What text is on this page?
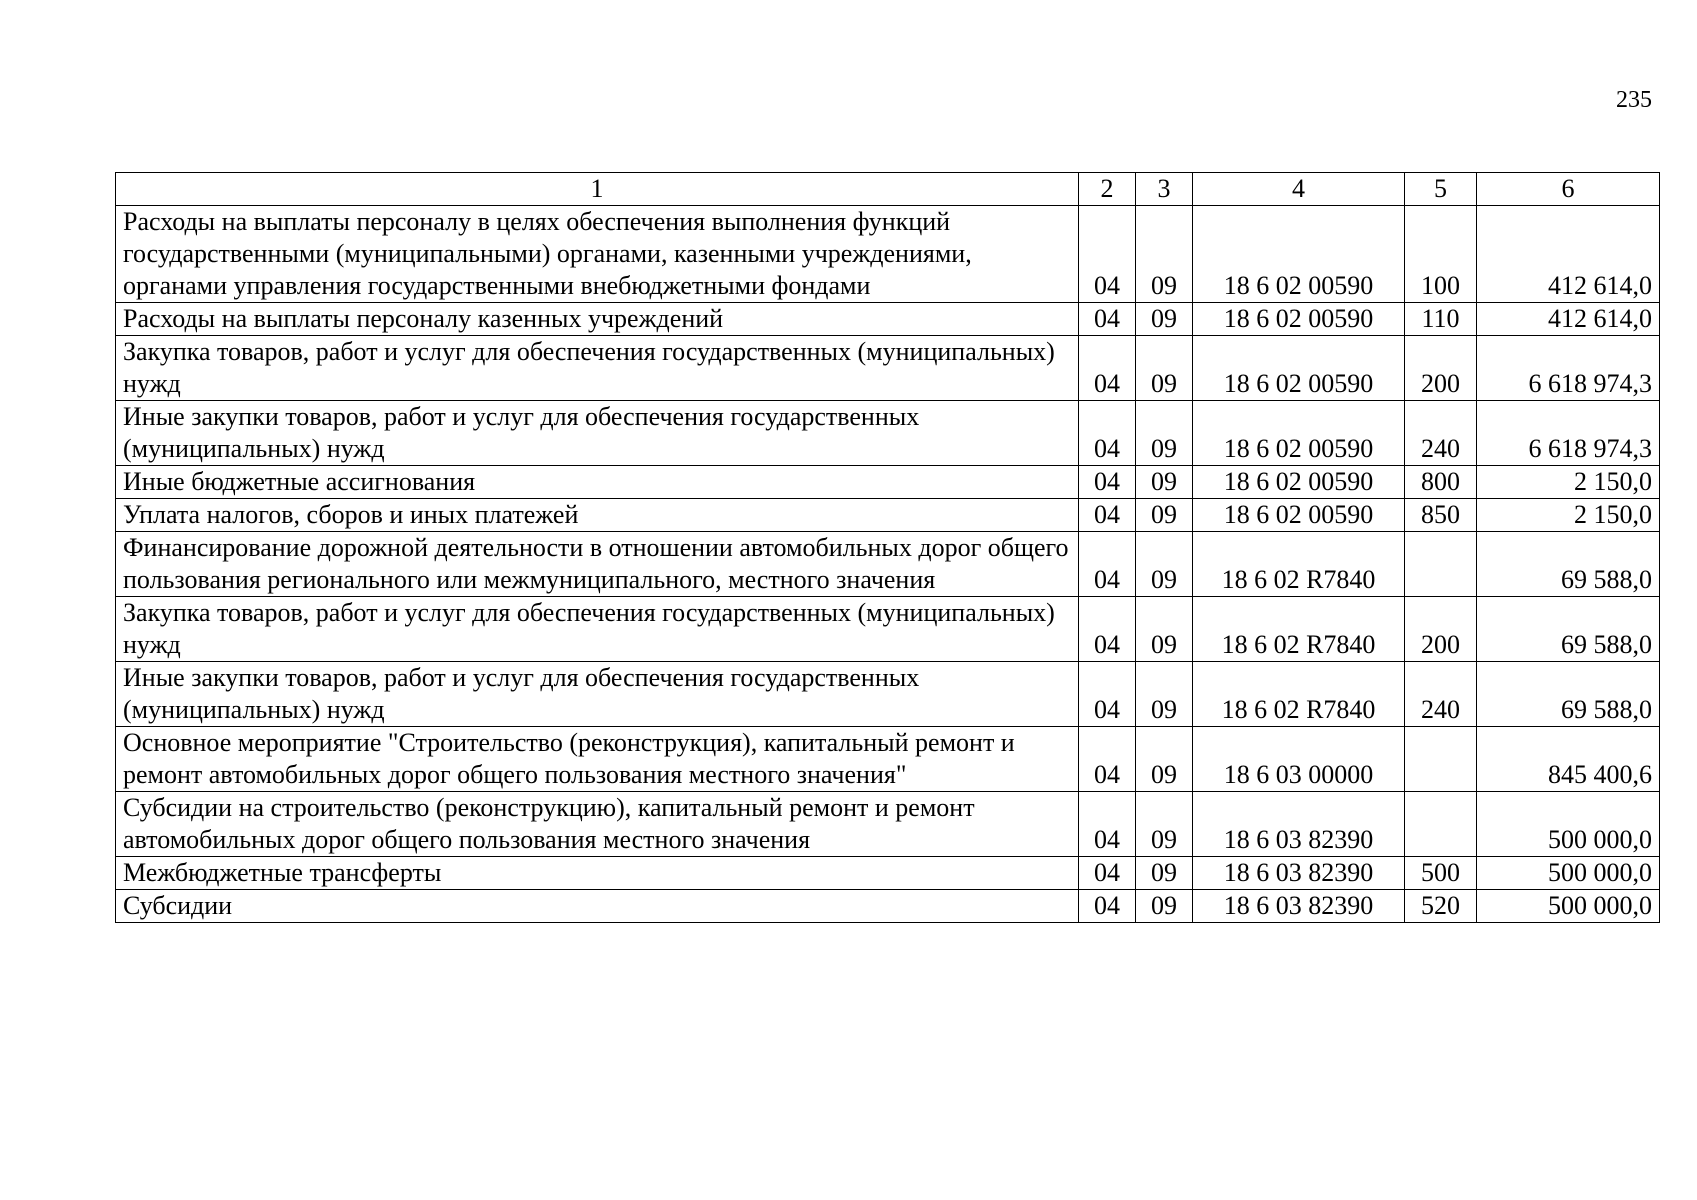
235
1	2	3	4	5	6
Расходы на выплаты персоналу в целях обеспечения выполнения функций государственными (муниципальными) органами, казенными учреждениями, органами управления государственными внебюджетными фондами	04	09	18 6 02 00590	100	412 614,0
Расходы на выплаты персоналу казенных учреждений	04	09	18 6 02 00590	110	412 614,0
Закупка товаров, работ и услуг для обеспечения государственных (муниципальных) нужд	04	09	18 6 02 00590	200	6 618 974,3
Иные закупки товаров, работ и услуг для обеспечения государственных (муниципальных) нужд	04	09	18 6 02 00590	240	6 618 974,3
Иные бюджетные ассигнования	04	09	18 6 02 00590	800	2 150,0
Уплата налогов, сборов и иных платежей	04	09	18 6 02 00590	850	2 150,0
Финансирование дорожной деятельности в отношении автомобильных дорог общего пользования регионального или межмуниципального, местного значения	04	09	18 6 02 R7840		69 588,0
Закупка товаров, работ и услуг для обеспечения государственных (муниципальных) нужд	04	09	18 6 02 R7840	200	69 588,0
Иные закупки товаров, работ и услуг для обеспечения государственных (муниципальных) нужд	04	09	18 6 02 R7840	240	69 588,0
Основное мероприятие "Строительство (реконструкция), капитальный ремонт и ремонт автомобильных дорог общего пользования местного значения"	04	09	18 6 03 00000		845 400,6
Субсидии на строительство (реконструкцию), капитальный ремонт и ремонт автомобильных дорог общего пользования местного значения	04	09	18 6 03 82390		500 000,0
Межбюджетные трансферты	04	09	18 6 03 82390	500	500 000,0
Субсидии	04	09	18 6 03 82390	520	500 000,0
